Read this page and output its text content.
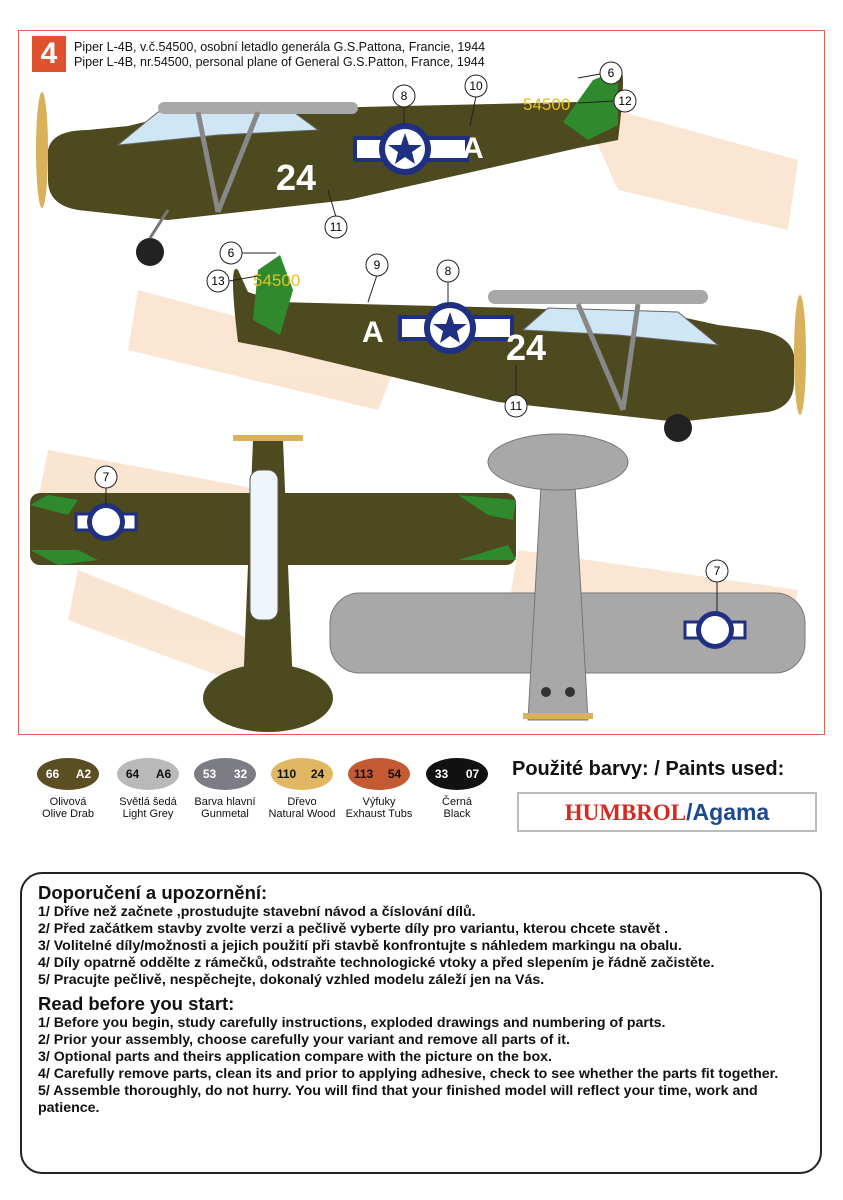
4	Piper L-4B, v.č.54500, osobní letadlo generála G.S.Pattona, Francie, 1944
Piper L-4B, nr.54500, personal plane of General G.S.Patton, France, 1944
24
24
A
A
54500
54500
!
!
8
10
6
12
11
6
9	8
13
11
7
7
66	A2	64	A6	53	32	110	24	113	54	33	07
Olivová
Olive Drab
Světlá šedá
Light Grey
Barva hlavní
Gunmetal
Dřevo
Natural Wood
Výfuky
Exhaust Tubs
Černá
Black
Použité barvy: / Paints used:
HUMBROL/Agama
Doporučení a upozornění:
1/ Dříve než začnete ,prostudujte stavební návod a číslování dílů.
2/ Před začátkem stavby zvolte verzi a pečlivě vyberte díly pro variantu, kterou chcete stavět .
3/ Volitelné díly/možnosti a jejich použití při stavbě konfrontujte s náhledem markingu na obalu.
4/ Díly opatrně oddělte z rámečků, odstraňte technologické vtoky a před slepením je řádně začistěte.
5/ Pracujte pečlivě, nespěchejte, dokonalý vzhled modelu záleží jen na Vás.
Read before you start:
1/ Before you begin, study carefully instructions, exploded drawings and numbering of parts.
2/ Prior your assembly, choose carefully your variant and remove all parts of it.
3/ Optional parts and theirs application compare with the picture on the box.
4/ Carefully remove parts, clean its and prior to applying adhesive, check to see whether the parts fit together.
5/ Assemble thoroughly, do not hurry. You will find that your finished model will reflect your time, work and patience.
